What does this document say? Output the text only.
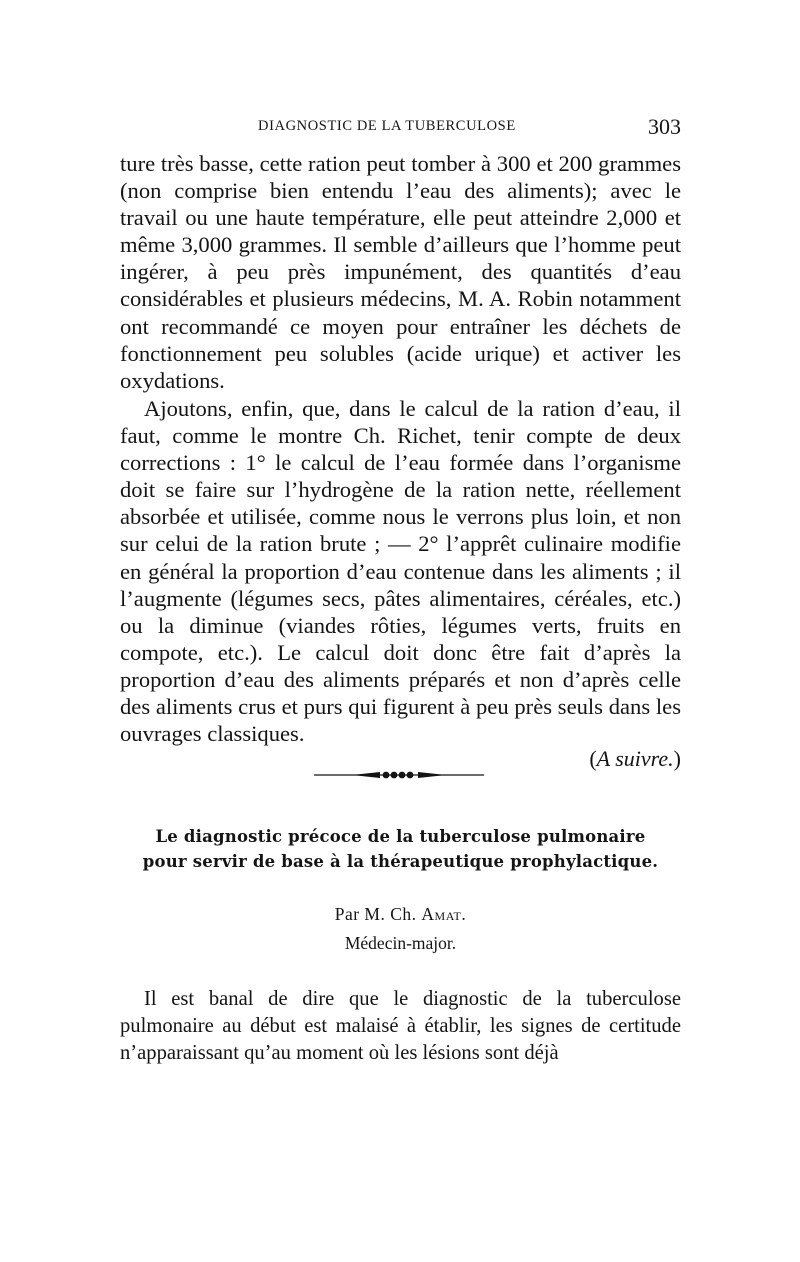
DIAGNOSTIC DE LA TUBERCULOSE	303

ture très basse, cette ration peut tomber à 300 et 200 grammes (non comprise bien entendu l’eau des aliments); avec le travail ou une haute température, elle peut atteindre 2,000 et même 3,000 grammes. Il semble d’ailleurs que l’homme peut ingérer, à peu près impunément, des quantités d’eau considérables et plusieurs médecins, M. A. Robin notamment ont recommandé ce moyen pour entraîner les déchets de fonctionnement peu solubles (acide urique) et activer les oxydations.

Ajoutons, enfin, que, dans le calcul de la ration d’eau, il faut, comme le montre Ch. Richet, tenir compte de deux corrections : 1° le calcul de l’eau formée dans l’organisme doit se faire sur l’hydrogène de la ration nette, réellement absorbée et utilisée, comme nous le verrons plus loin, et non sur celui de la ration brute ; — 2° l’apprêt culinaire modifie en général la proportion d’eau contenue dans les aliments ; il l’augmente (légumes secs, pâtes alimentaires, céréales, etc.) ou la diminue (viandes rôties, légumes verts, fruits en compote, etc.). Le calcul doit donc être fait d’après la proportion d’eau des aliments préparés et non d’après celle des aliments crus et purs qui figurent à peu près seuls dans les ouvrages classiques.

(A suivre.)
Le diagnostic précoce de la tuberculose pulmonaire
pour servir de base à la thérapeutique prophylactique.
Par M. Ch. Amat.
Médecin-major.

Il est banal de dire que le diagnostic de la tuberculose pulmonaire au début est malaisé à établir, les signes de certitude n’apparaissant qu’au moment où les lésions sont déjà
